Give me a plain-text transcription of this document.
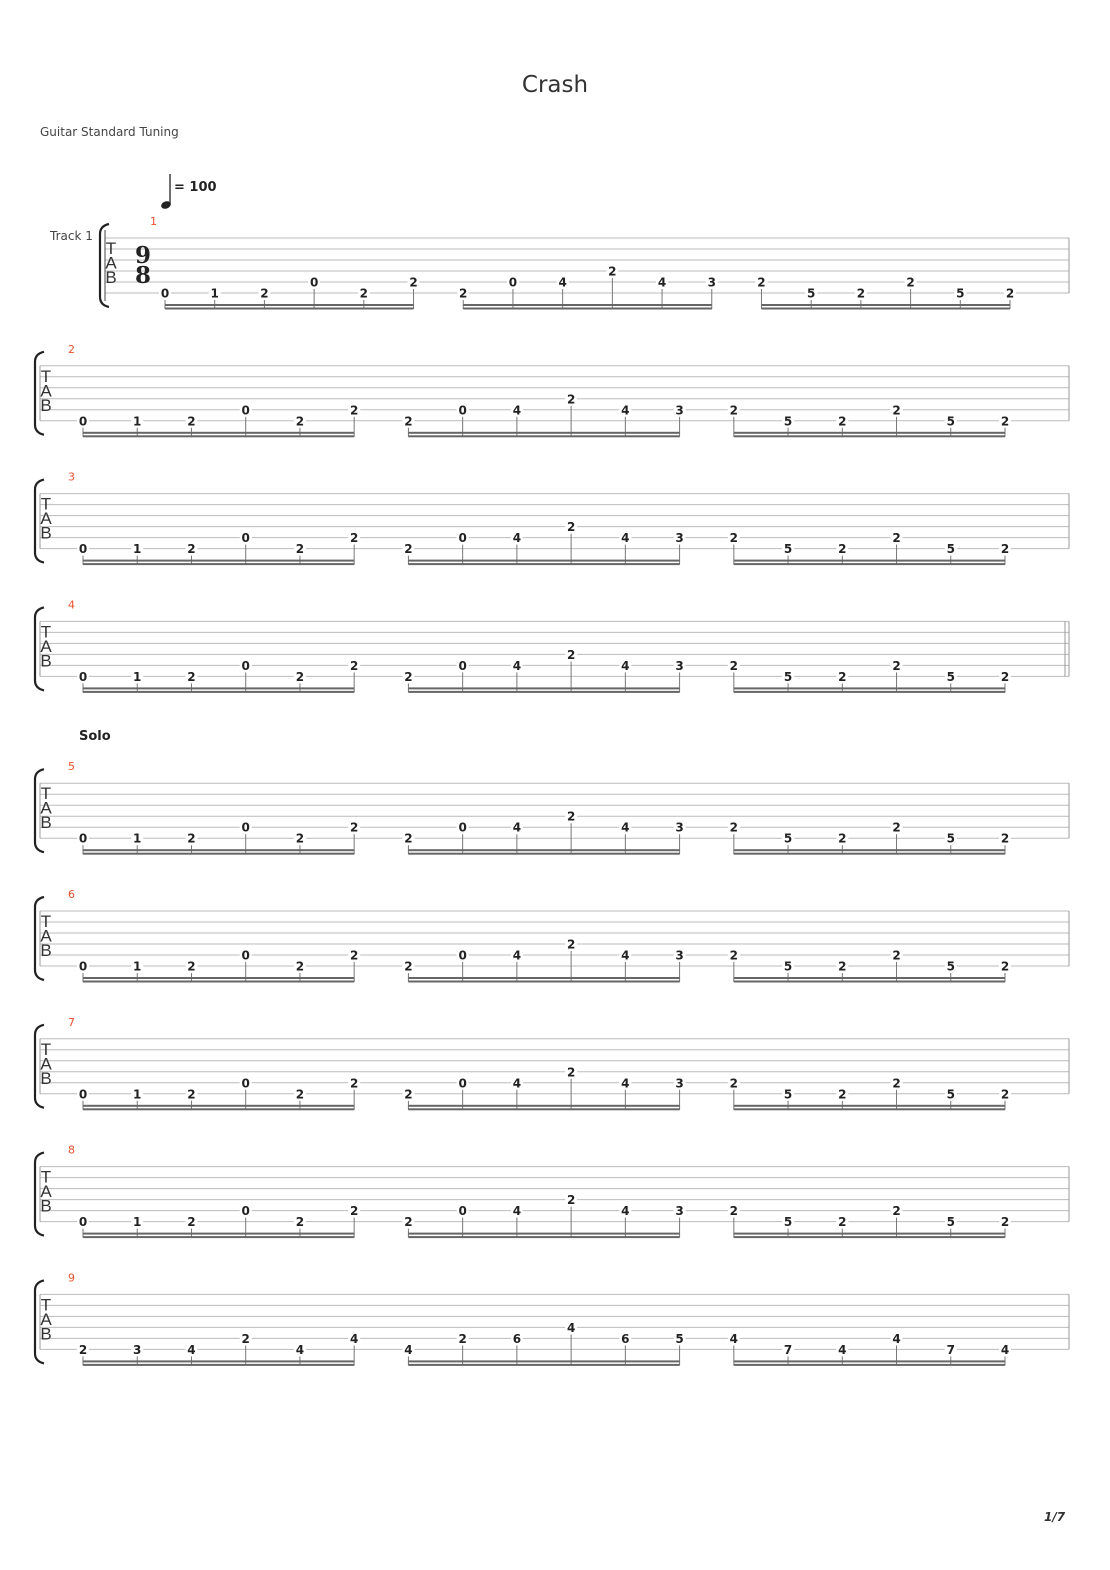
Crash
Guitar Standard Tuning
= 100
Track 1
Solo
1/7
T
A
B
9
8
1
0	1	2
0
2
2
2
0	4
2
4	3	2
5	2
2
5	2
T
A
B
2
0	1	2
0
2
2
2
0	4
2
4	3	2
5	2
2
5	2
T
A
B
3
0	1	2
0
2
2
2
0	4
2
4	3	2
5	2
2
5	2
T
A
B
4
0	1	2
0
2
2
2
0	4
2
4	3	2
5	2
2
5	2
T
A
B
5
0	1	2
0
2
2
2
0	4
2
4	3	2
5	2
2
5	2
T
A
B
6
0	1	2
0
2
2
2
0	4
2
4	3	2
5	2
2
5	2
T
A
B
7
0	1	2
0
2
2
2
0	4
2
4	3	2
5	2
2
5	2
T
A
B
8
0	1	2
0
2
2
2
0	4
2
4	3	2
5	2
2
5	2
T
A
B
9
2	3	4
2
4
4
4
2	6
4
6	5	4
7	4
4
7	4
